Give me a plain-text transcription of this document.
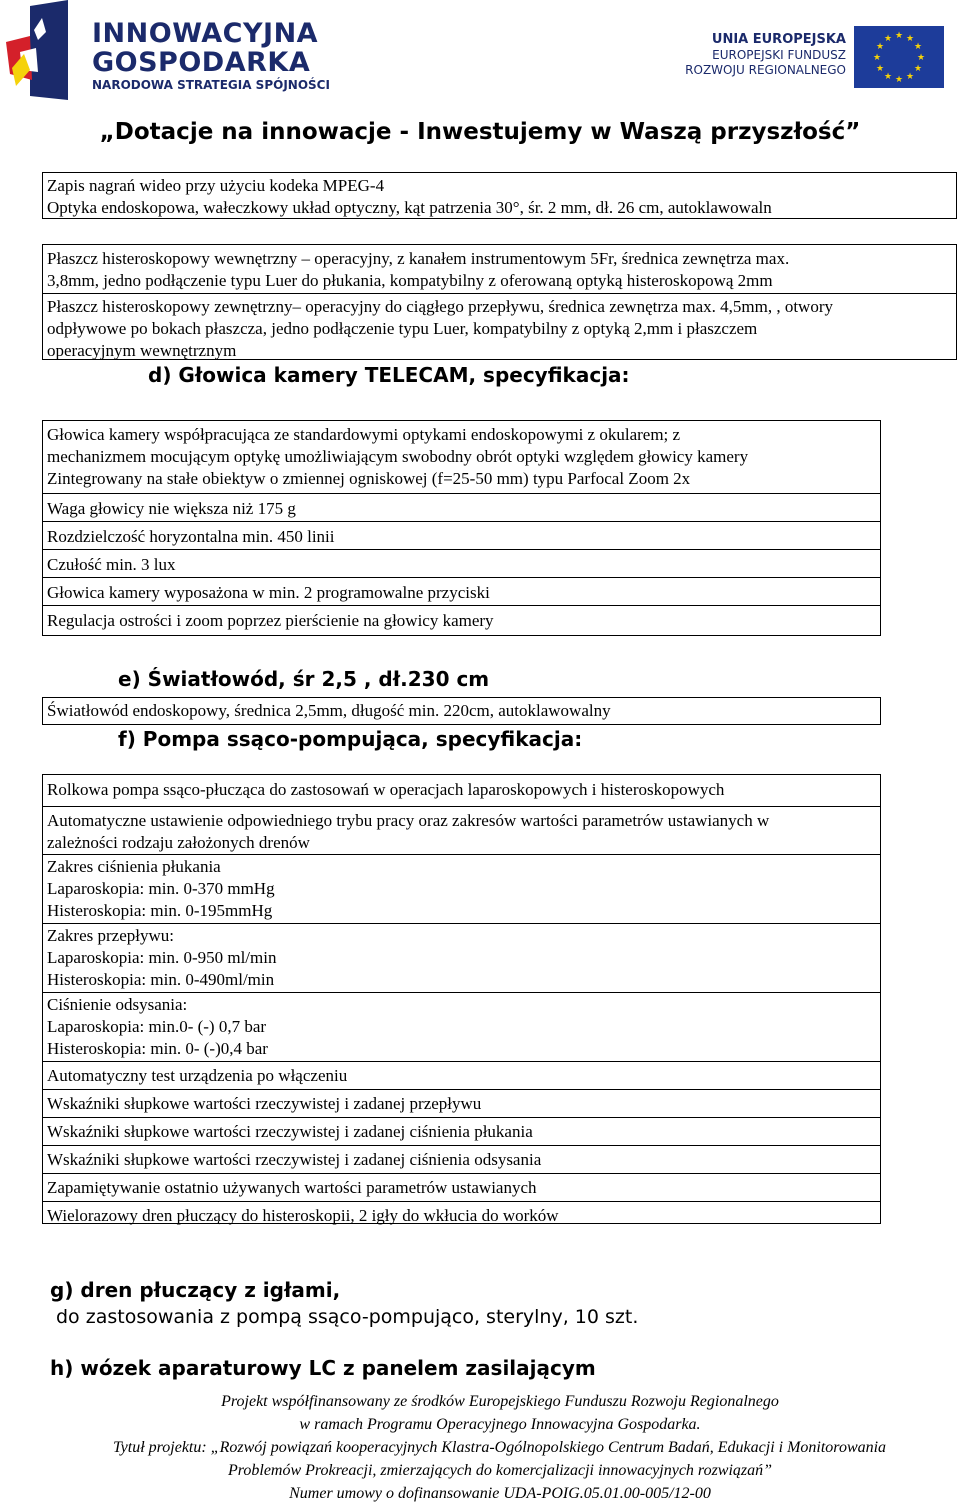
INNOWACYJNA
GOSPODARKA
NARODOWA STRATEGIA SPÓJNOŚCI
UNIA EUROPEJSKA
EUROPEJSKI FUNDUSZ
ROZWOJU REGIONALNEGO
★ ★
★
★
★
★
★
★
★
★
★
★
„Dotacje na innowacje - Inwestujemy w Waszą przyszłość”
Zapis nagrań wideo przy użyciu kodeka MPEG-4
Optyka endoskopowa, wałeczkowy układ optyczny, kąt patrzenia 30°, śr. 2 mm, dł. 26 cm, autoklawowaln
Płaszcz histeroskopowy wewnętrzny – operacyjny, z kanałem instrumentowym 5Fr, średnica zewnętrza max.
3,8mm, jedno podłączenie typu Luer do płukania, kompatybilny z oferowaną optyką histeroskopową 2mm
Płaszcz histeroskopowy zewnętrzny– operacyjny do ciągłego przepływu, średnica zewnętrza max. 4,5mm, , otwory
odpływowe po bokach płaszcza, jedno podłączenie typu Luer, kompatybilny z optyką 2,mm i płaszczem
operacyjnym wewnętrznym
d) Głowica kamery TELECAM, specyfikacja:
Głowica kamery współpracująca ze standardowymi optykami endoskopowymi z okularem; z
mechanizmem mocującym optykę umożliwiającym swobodny obrót optyki względem głowicy kamery
Zintegrowany na stałe obiektyw o zmiennej ogniskowej (f=25-50 mm) typu Parfocal Zoom 2x
Waga głowicy nie większa niż 175 g
Rozdzielczość horyzontalna min. 450 linii
Czułość min. 3 lux
Głowica kamery wyposażona w min. 2 programowalne przyciski
Regulacja ostrości i zoom poprzez pierścienie na głowicy kamery
e) Światłowód, śr 2,5 , dł.230 cm
Światłowód endoskopowy, średnica 2,5mm, długość min. 220cm, autoklawowalny
f) Pompa ssąco-pompująca, specyfikacja:
Rolkowa pompa ssąco-płucząca do zastosowań w operacjach laparoskopowych i histeroskopowych
Automatyczne ustawienie odpowiedniego trybu pracy oraz zakresów wartości parametrów ustawianych w
zależności rodzaju założonych drenów
Zakres ciśnienia płukania
Laparoskopia: min. 0-370 mmHg
Histeroskopia: min. 0-195mmHg
Zakres przepływu:
Laparoskopia: min. 0-950 ml/min
Histeroskopia: min. 0-490ml/min
Ciśnienie odsysania:
Laparoskopia: min.0- (-) 0,7 bar
Histeroskopia: min. 0- (-)0,4 bar
Automatyczny test urządzenia po włączeniu
Wskaźniki słupkowe wartości rzeczywistej i zadanej przepływu
Wskaźniki słupkowe wartości rzeczywistej i zadanej ciśnienia płukania
Wskaźniki słupkowe wartości rzeczywistej i zadanej ciśnienia odsysania
Zapamiętywanie ostatnio używanych wartości parametrów ustawianych
Wielorazowy dren płuczący do histeroskopii, 2 igły do wkłucia do worków
g) dren płuczący z igłami,
do zastosowania z pompą ssąco-pompująco, sterylny, 10 szt.
h) wózek aparaturowy LC z panelem zasilającym
Projekt współfinansowany ze środków Europejskiego Funduszu Rozwoju Regionalnego
w ramach Programu Operacyjnego Innowacyjna Gospodarka.
Tytuł projektu: „Rozwój powiązań kooperacyjnych Klastra-Ogólnopolskiego Centrum Badań, Edukacji i Monitorowania
Problemów Prokreacji, zmierzających do komercjalizacji innowacyjnych rozwiązań”
Numer umowy o dofinansowanie UDA-POIG.05.01.00-005/12-00
